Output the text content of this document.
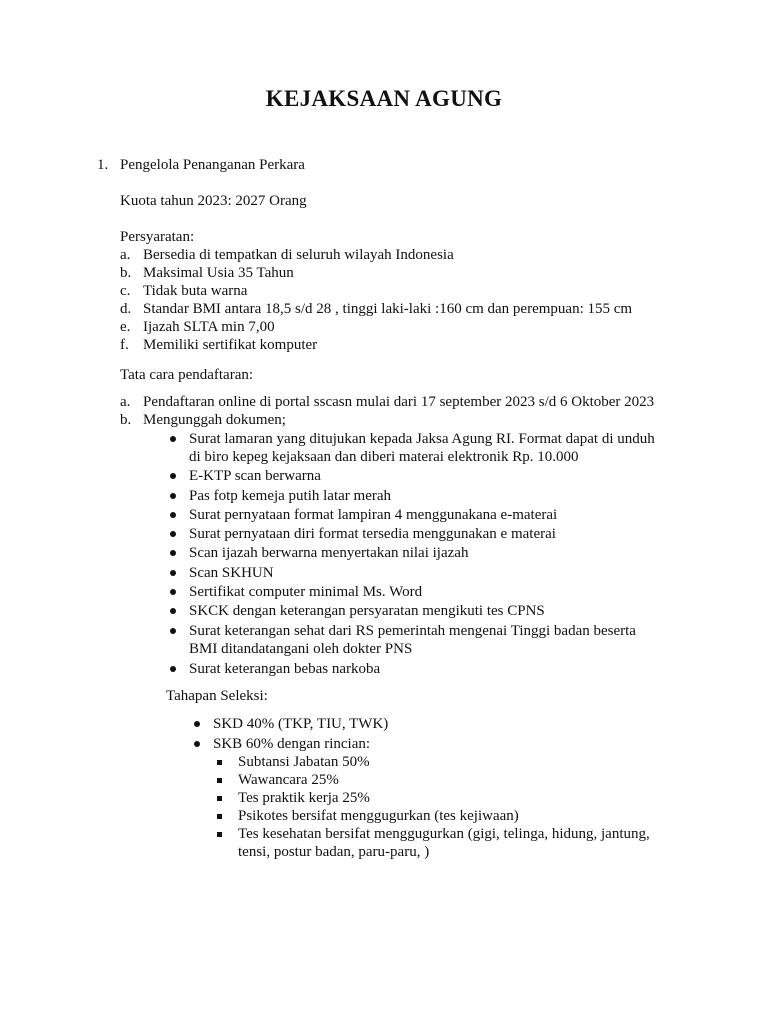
KEJAKSAAN AGUNG
1. Pengelola Penanganan Perkara
Kuota tahun 2023: 2027 Orang
Persyaratan:
a. Bersedia di tempatkan di seluruh wilayah Indonesia
b. Maksimal Usia 35 Tahun
c. Tidak buta warna
d. Standar BMI antara 18,5 s/d 28 , tinggi laki-laki :160 cm dan perempuan: 155 cm
e. Ijazah SLTA min 7,00
f. Memiliki sertifikat komputer
Tata cara pendaftaran:
a. Pendaftaran online di portal sscasn mulai dari 17 september 2023 s/d 6 Oktober 2023
b. Mengunggah dokumen;
Surat lamaran yang ditujukan kepada Jaksa Agung RI. Format dapat di unduh
di biro kepeg kejaksaan dan diberi materai elektronik Rp. 10.000
E-KTP scan berwarna
Pas fotp kemeja putih latar merah
Surat pernyataan format lampiran 4 menggunakana e-materai
Surat pernyataan diri format tersedia menggunakan e materai
Scan ijazah berwarna menyertakan nilai ijazah
Scan SKHUN
Sertifikat computer minimal Ms. Word
SKCK dengan keterangan persyaratan mengikuti tes CPNS
Surat keterangan sehat dari RS pemerintah mengenai Tinggi badan beserta
BMI ditandatangani oleh dokter PNS
Surat keterangan bebas narkoba
Tahapan Seleksi:
SKD 40% (TKP, TIU, TWK)
SKB 60% dengan rincian:
Subtansi Jabatan 50%
Wawancara 25%
Tes praktik kerja 25%
Psikotes bersifat menggugurkan (tes kejiwaan)
Tes kesehatan bersifat menggugurkan (gigi, telinga, hidung, jantung,
tensi, postur badan, paru-paru, )
